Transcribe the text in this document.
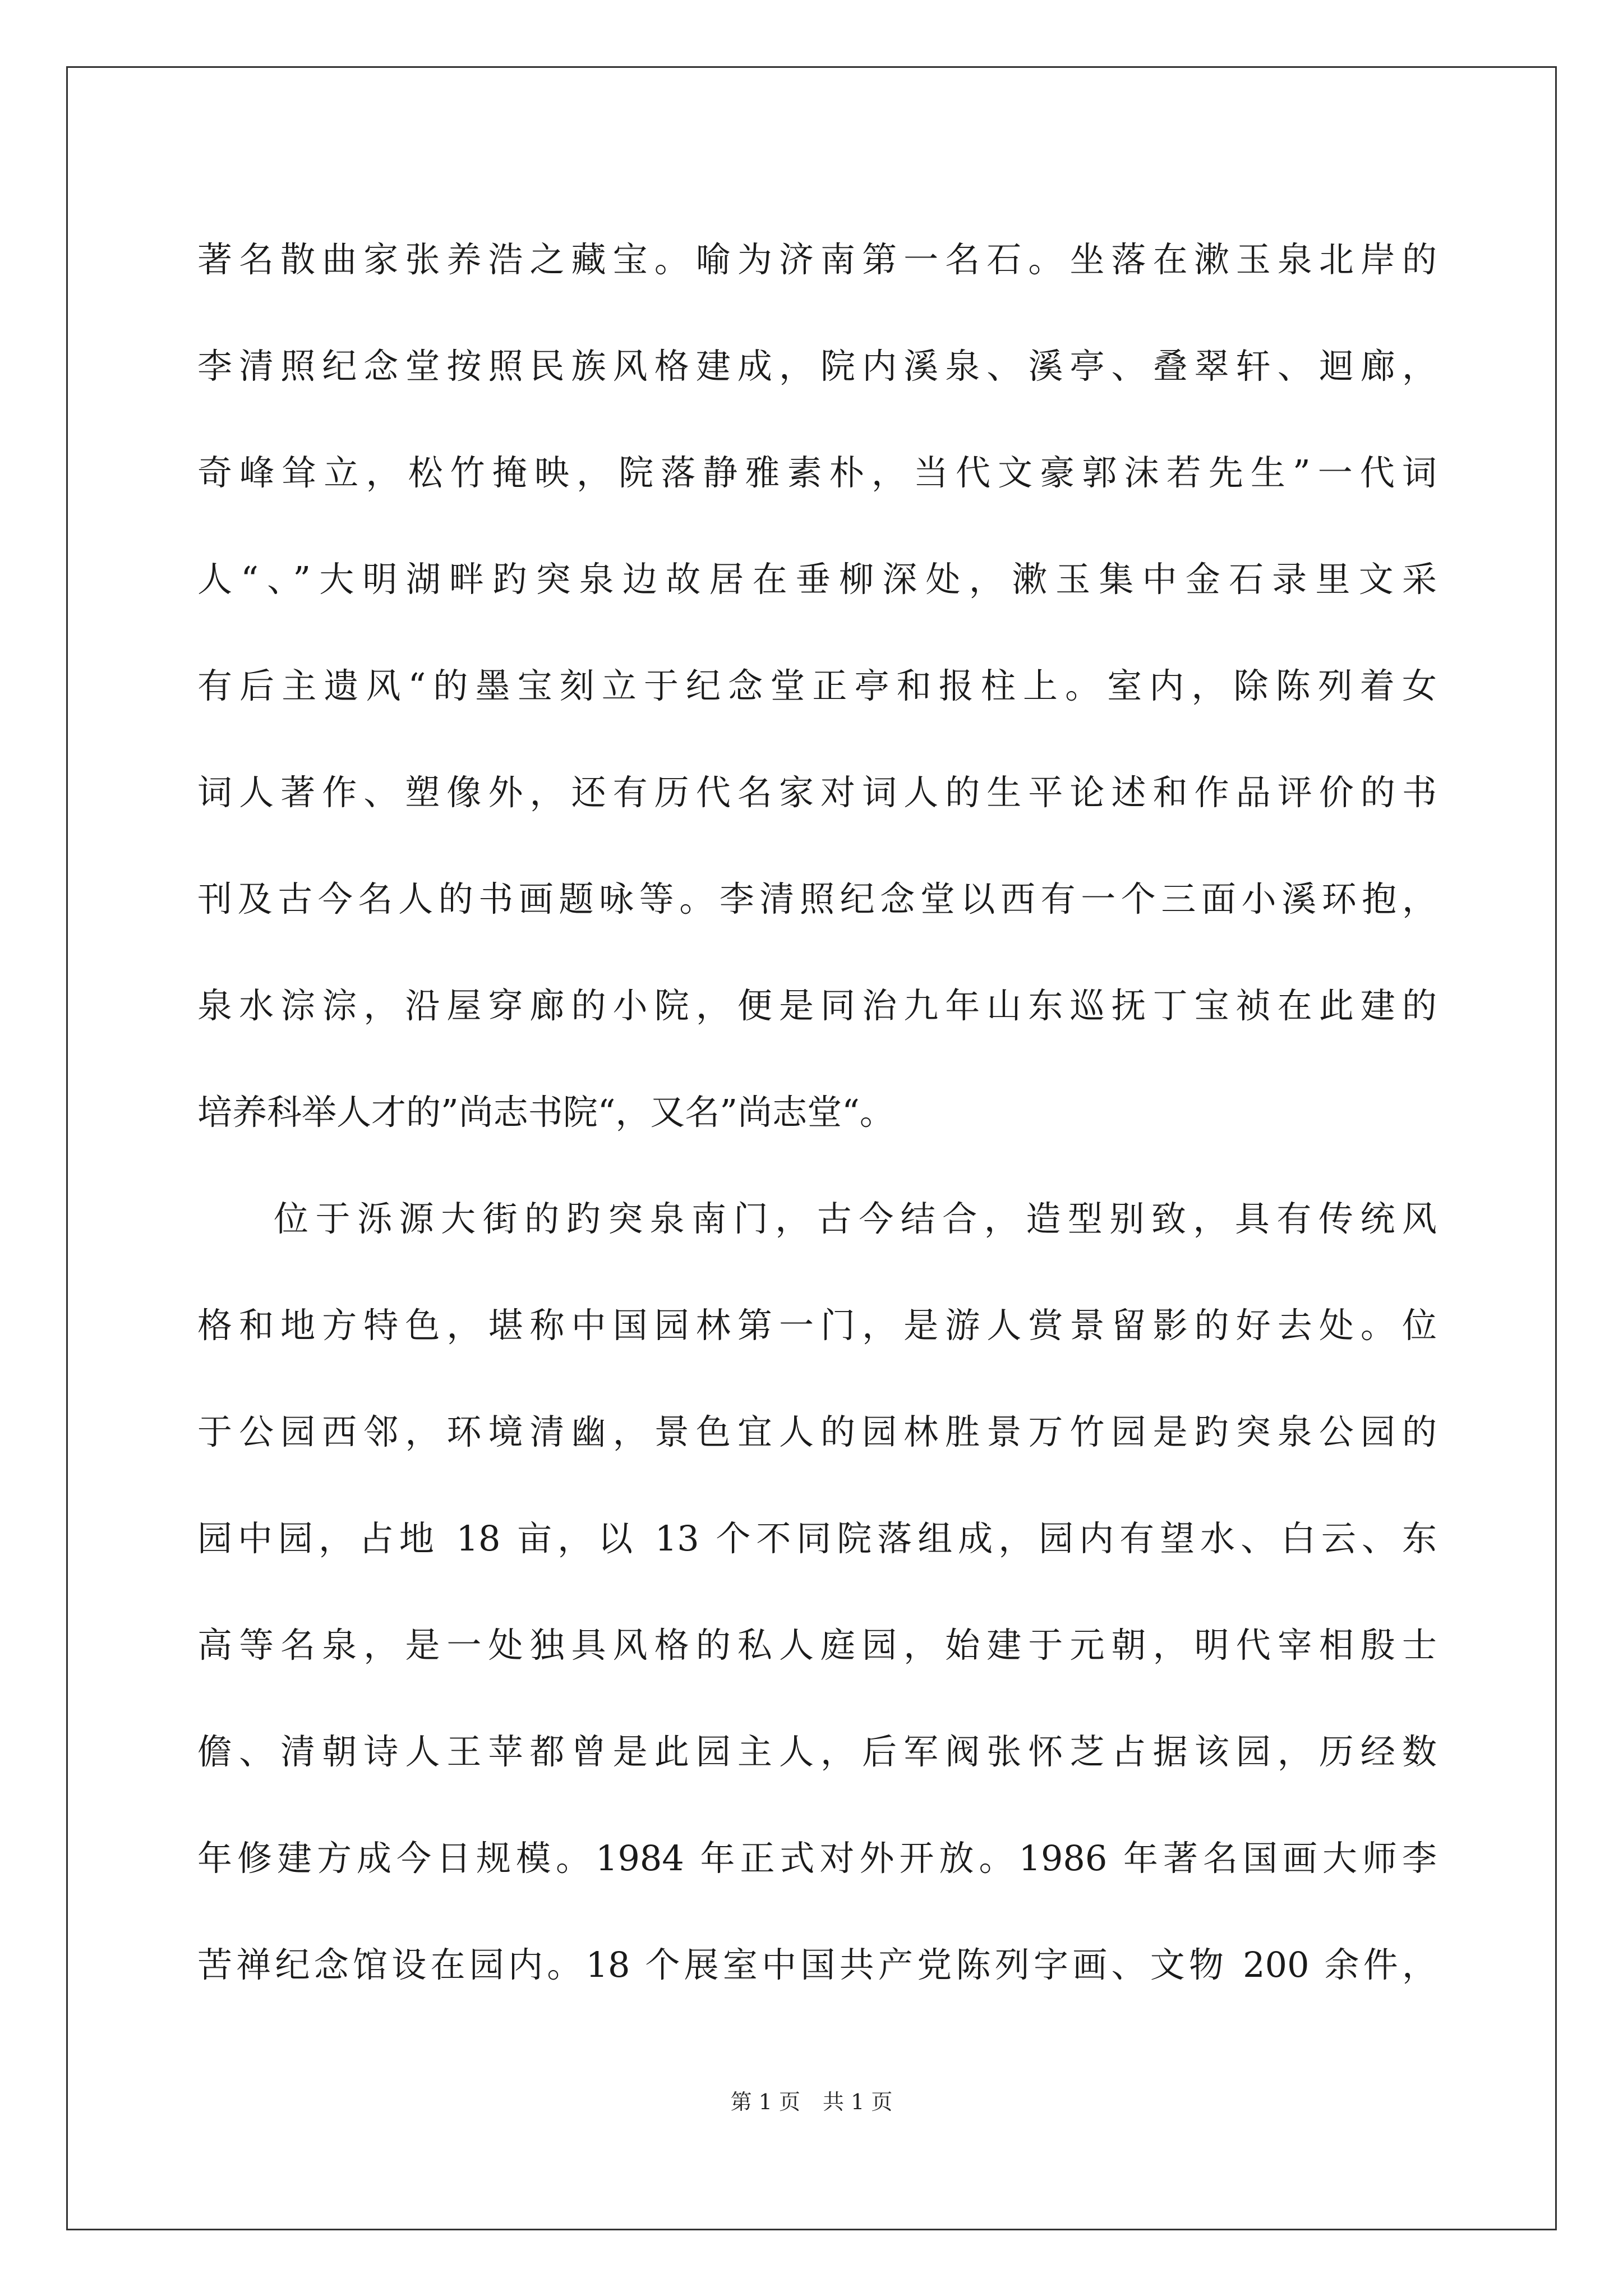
著名散曲家张养浩之藏宝。喻为济南第一名石。坐落在漱玉泉北岸的
李清照纪念堂按照民族风格建成，院内溪泉、溪亭、叠翠轩、迴廊，
奇峰耸立，松竹掩映，院落静雅素朴，当代文豪郭沫若先生”一代词
人“、”大明湖畔趵突泉边故居在垂柳深处，漱玉集中金石录里文采
有后主遗风“的墨宝刻立于纪念堂正亭和报柱上。室内，除陈列着女
词人著作、塑像外，还有历代名家对词人的生平论述和作品评价的书
刊及古今名人的书画题咏等。李清照纪念堂以西有一个三面小溪环抱，
泉水淙淙，沿屋穿廊的小院，便是同治九年山东巡抚丁宝祯在此建的
培养科举人才的”尚志书院“，又名”尚志堂“。
位于泺源大街的趵突泉南门，古今结合，造型别致，具有传统风
格和地方特色，堪称中国园林第一门，是游人赏景留影的好去处。位
于公园西邻，环境清幽，景色宜人的园林胜景万竹园是趵突泉公园的
园中园，占地 18 亩，以 13 个不同院落组成，园内有望水、白云、东
高等名泉，是一处独具风格的私人庭园，始建于元朝，明代宰相殷士
儋、清朝诗人王苹都曾是此园主人，后军阀张怀芝占据该园，历经数
年修建方成今日规模。1984 年正式对外开放。1986 年著名国画大师李
苦禅纪念馆设在园内。18 个展室中国共产党陈列字画、文物 200 余件，
第 1 页 共 1 页
